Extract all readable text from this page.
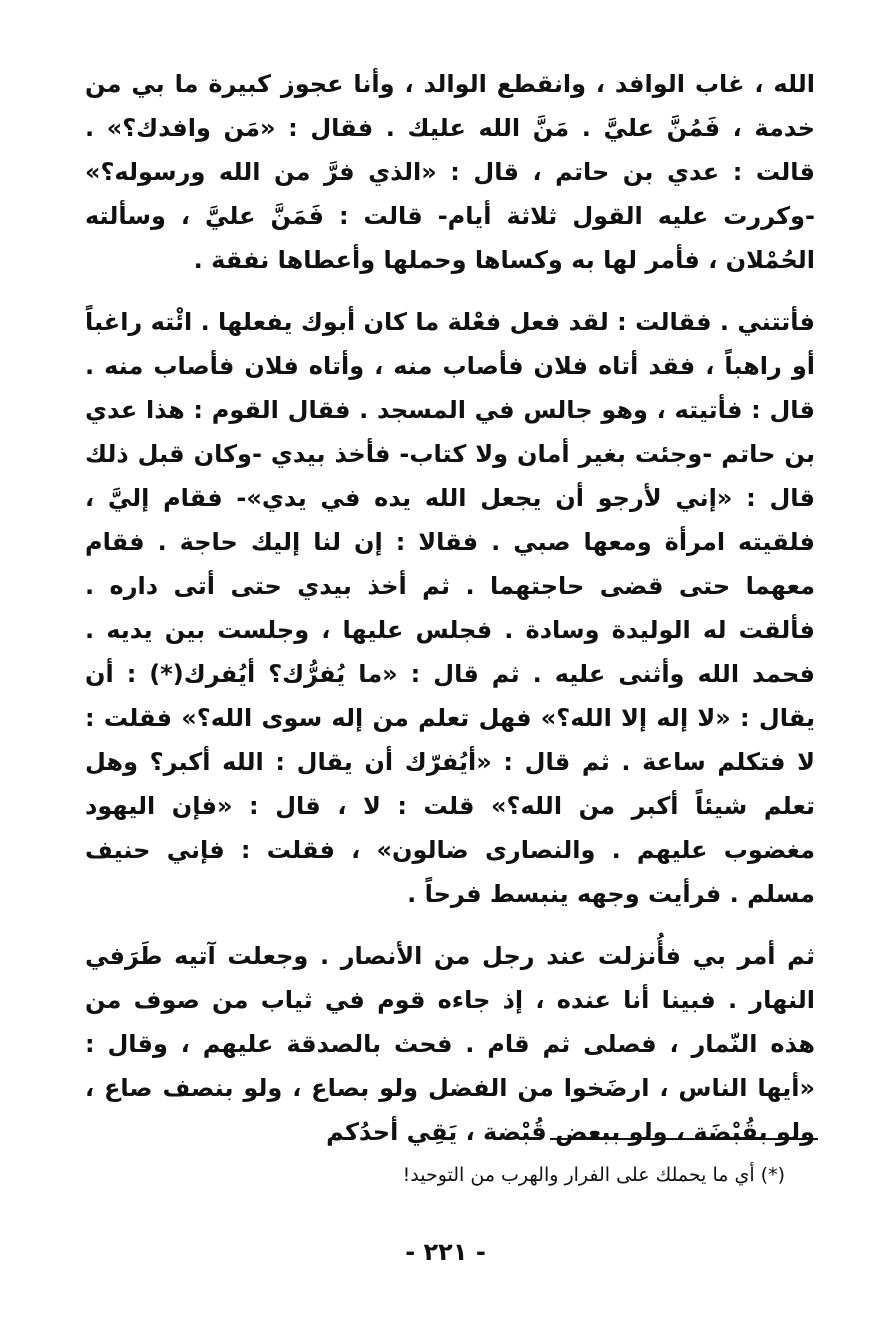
الله ، غاب الوافد ، وانقطع الوالد ، وأنا عجوز كبيرة ما بي من خدمة ، فَمُنَّ عليَّ . مَنَّ الله عليك . فقال : «مَن وافدك؟» . قالت : عدي بن حاتم ، قال : «الذي فرَّ من الله ورسوله؟» -وكررت عليه القول ثلاثة أيام- قالت : فَمَنَّ عليَّ ، وسألته الحُمْلان ، فأمر لها به وكساها وحملها وأعطاها نفقة .

فأتتني . فقالت : لقد فعل فعْلة ما كان أبوك يفعلها . ائْته راغباً أو راهباً ، فقد أتاه فلان فأصاب منه ، وأتاه فلان فأصاب منه . قال : فأتيته ، وهو جالس في المسجد . فقال القوم : هذا عدي بن حاتم -وجئت بغير أمان ولا كتاب- فأخذ بيدي -وكان قبل ذلك قال : «إني لأرجو أن يجعل الله يده في يدي»- فقام إليَّ ، فلقيته امرأة ومعها صبي . فقالا : إن لنا إليك حاجة . فقام معهما حتى قضى حاجتهما . ثم أخذ بيدي حتى أتى داره . فألقت له الوليدة وسادة . فجلس عليها ، وجلست بين يديه . فحمد الله وأثنى عليه . ثم قال : «ما يُفرُّك؟ أيُفرك(*) : أن يقال : «لا إله إلا الله؟» فهل تعلم من إله سوى الله؟» فقلت : لا فتكلم ساعة . ثم قال : «أيُفرّك أن يقال : الله أكبر؟ وهل تعلم شيئاً أكبر من الله؟» قلت : لا ، قال : «فإن اليهود مغضوب عليهم . والنصارى ضالون» ، فقلت : فإني حنيف مسلم . فرأيت وجهه ينبسط فرحاً .

ثم أمر بي فأُنزلت عند رجل من الأنصار . وجعلت آتيه طَرَفي النهار . فبينا أنا عنده ، إذ جاءه قوم في ثياب من صوف من هذه النّمار ، فصلى ثم قام . فحث بالصدقة عليهم ، وقال : «أيها الناس ، ارضَخوا من الفضل ولو بصاع ، ولو بنصف صاع ، ولو بقُبْضَة ، ولو ببعض قُبْضة ، يَقِي أحدُكم

(*) أي ما يحملك على الفرار والهرب من التوحيد!
- ٢٢١ -
